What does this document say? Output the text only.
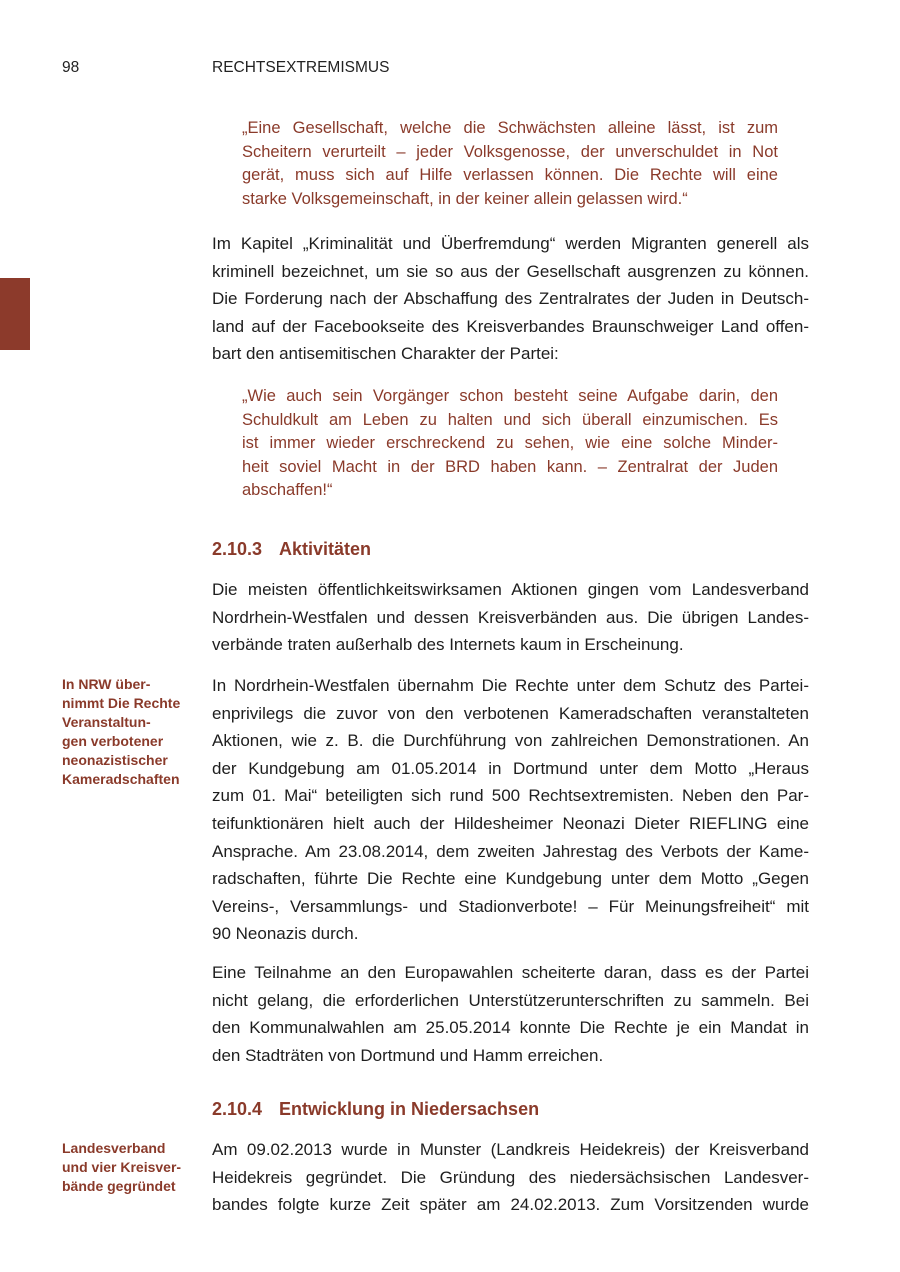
98	RECHTSEXTREMISMUS
„Eine Gesellschaft, welche die Schwächsten alleine lässt, ist zum
Scheitern verurteilt – jeder Volksgenosse, der unverschuldet in Not
gerät, muss sich auf Hilfe verlassen können. Die Rechte will eine
starke Volksgemeinschaft, in der keiner allein gelassen wird.“
Im Kapitel „Kriminalität und Überfremdung“ werden Migranten generell als
kriminell bezeichnet, um sie so aus der Gesellschaft ausgrenzen zu können.
Die Forderung nach der Abschaffung des Zentralrates der Juden in Deutsch-
land auf der Facebookseite des Kreisverbandes Braunschweiger Land offen-
bart den antisemitischen Charakter der Partei:
„Wie auch sein Vorgänger schon besteht seine Aufgabe darin, den
Schuldkult am Leben zu halten und sich überall einzumischen. Es
ist immer wieder erschreckend zu sehen, wie eine solche Minder-
heit soviel Macht in der BRD haben kann. – Zentralrat der Juden
abschaffen!“
2.10.3 Aktivitäten
Die meisten öffentlichkeitswirksamen Aktionen gingen vom Landesverband
Nordrhein-Westfalen und dessen Kreisverbänden aus. Die übrigen Landes-
verbände traten außerhalb des Internets kaum in Erscheinung.
In NRW über-
nimmt Die Rechte
Veranstaltun-
gen verbotener
neonazistischer
Kameradschaften
In Nordrhein-Westfalen übernahm Die Rechte unter dem Schutz des Partei-
enprivilegs die zuvor von den verbotenen Kameradschaften veranstalteten
Aktionen, wie z. B. die Durchführung von zahlreichen Demonstrationen. An
der Kundgebung am 01.05.2014 in Dortmund unter dem Motto „Heraus
zum 01. Mai“ beteiligten sich rund 500 Rechtsextremisten. Neben den Par-
teifunktionären hielt auch der Hildesheimer Neonazi Dieter RIEFLING eine
Ansprache. Am 23.08.2014, dem zweiten Jahrestag des Verbots der Kame-
radschaften, führte Die Rechte eine Kundgebung unter dem Motto „Gegen
Vereins-, Versammlungs- und Stadionverbote! – Für Meinungsfreiheit“ mit
90 Neonazis durch.
Eine Teilnahme an den Europawahlen scheiterte daran, dass es der Partei
nicht gelang, die erforderlichen Unterstützerunterschriften zu sammeln. Bei
den Kommunalwahlen am 25.05.2014 konnte Die Rechte je ein Mandat in
den Stadträten von Dortmund und Hamm erreichen.
2.10.4 Entwicklung in Niedersachsen
Landesverband
und vier Kreisver-
bände gegründet
Am 09.02.2013 wurde in Munster (Landkreis Heidekreis) der Kreisverband
Heidekreis gegründet. Die Gründung des niedersächsischen Landesver-
bandes folgte kurze Zeit später am 24.02.2013. Zum Vorsitzenden wurde
